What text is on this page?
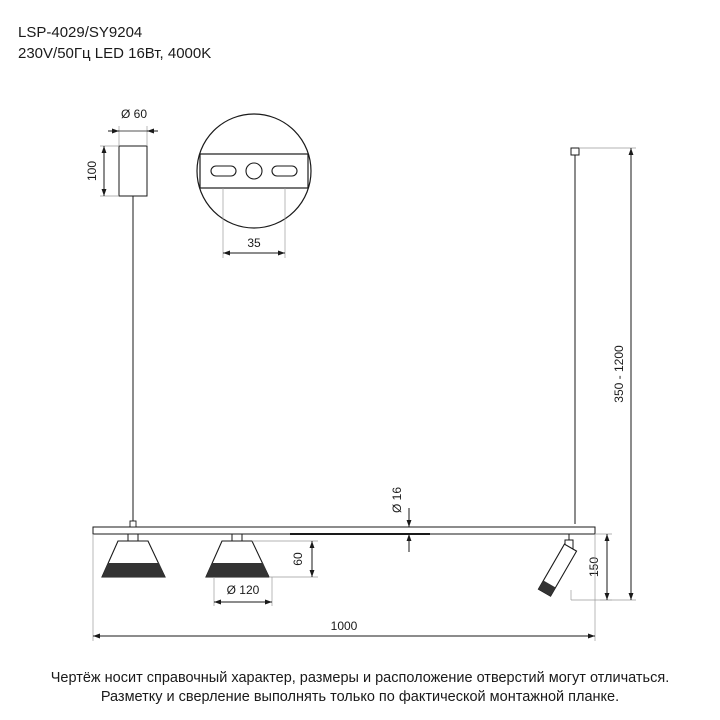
LSP-4029/SY9204
230V/50Гц LED 16Вт, 4000K
Ø 60
100
35
350 - 1200
Ø 16
60
Ø 120
150
1000
Чертёж носит справочный характер, размеры и расположение отверстий могут отличаться.
Разметку и сверление выполнять только по фактической монтажной планке.
